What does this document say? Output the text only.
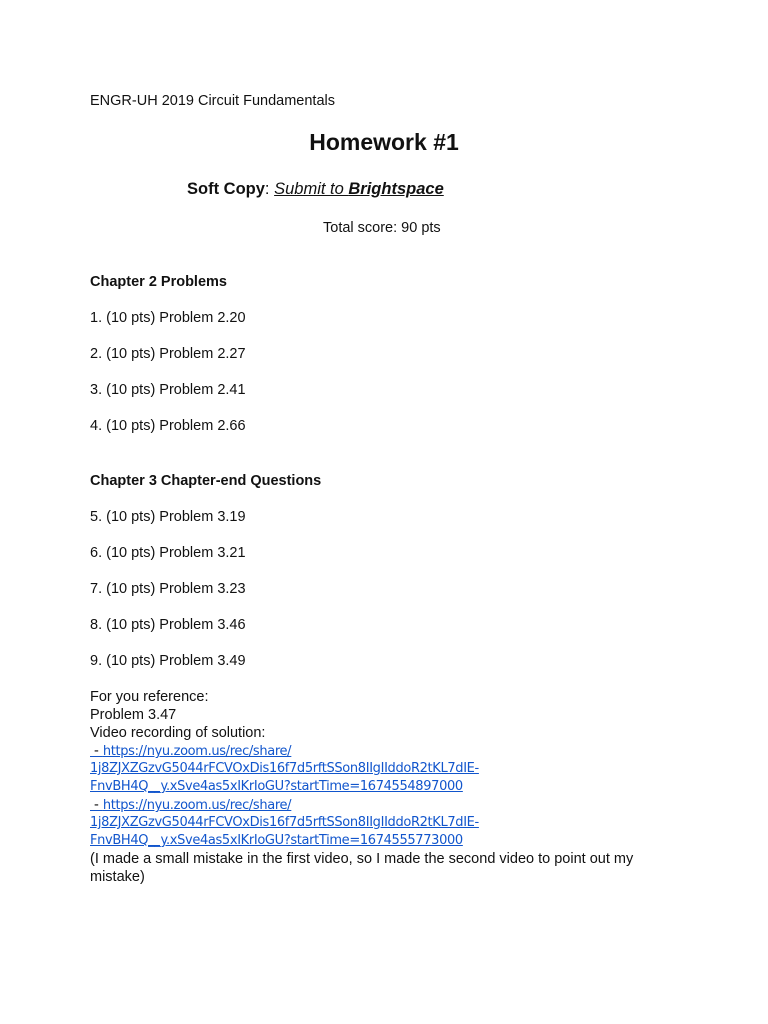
ENGR-UH 2019 Circuit Fundamentals

Homework #1

Soft Copy: Submit to Brightspace

Total score: 90 pts

Chapter 2 Problems

1. (10 pts) Problem 2.20

2. (10 pts) Problem 2.27

3. (10 pts) Problem 2.41

4. (10 pts) Problem 2.66

Chapter 3 Chapter-end Questions

5. (10 pts) Problem 3.19

6. (10 pts) Problem 3.21

7. (10 pts) Problem 3.23

8. (10 pts) Problem 3.46

9. (10 pts) Problem 3.49

For you reference:
Problem 3.47
Video recording of solution:
- https://nyu.zoom.us/rec/share/
1j8ZJXZGzvG5044rFCVOxDis16f7d5rftSSon8IIgIIddoR2tKL7dIE-
FnvBH4Q__y.xSve4as5xIKrIoGU?startTime=1674554897000
- https://nyu.zoom.us/rec/share/
1j8ZJXZGzvG5044rFCVOxDis16f7d5rftSSon8IIgIIddoR2tKL7dIE-
FnvBH4Q__y.xSve4as5xIKrIoGU?startTime=1674555773000
(I made a small mistake in the first video, so I made the second video to point out my mistake)
